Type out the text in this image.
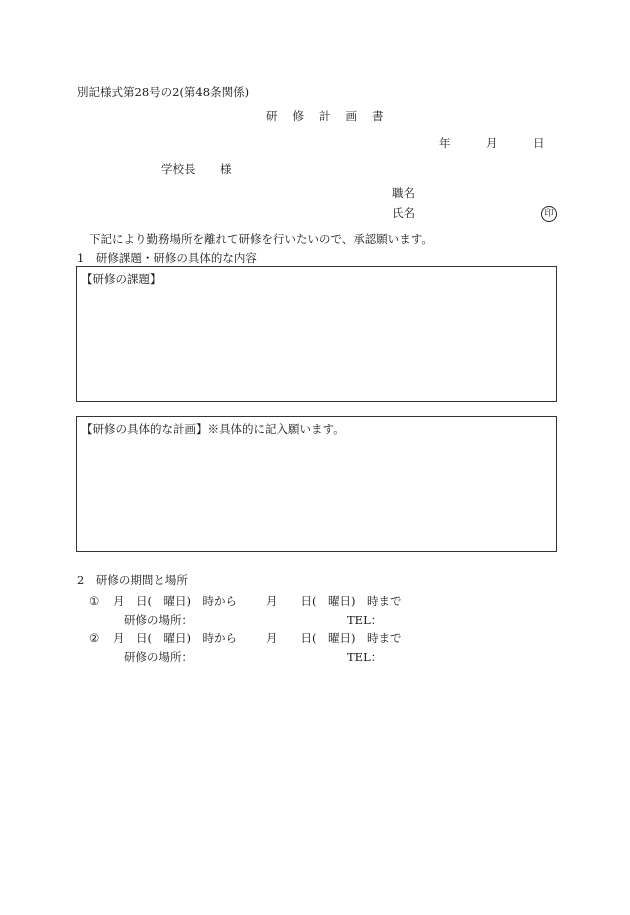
別記様式第28号の2(第48条関係)
研 修 計 画 書
年	月	日
学校長 様
職名
氏名	印
下記により勤務場所を離れて研修を行いたいので、承認願います。
1　研修課題・研修の具体的な内容
【研修の課題】
【研修の具体的な計画】※具体的に記入願います。
2　研修の期間と場所
① 月　日(　曜日)　時から	月　　日(　曜日)　時まで
研修の場所：	TEL：
② 月　日(　曜日)　時から	月　　日(　曜日)　時まで
研修の場所：	TEL：
